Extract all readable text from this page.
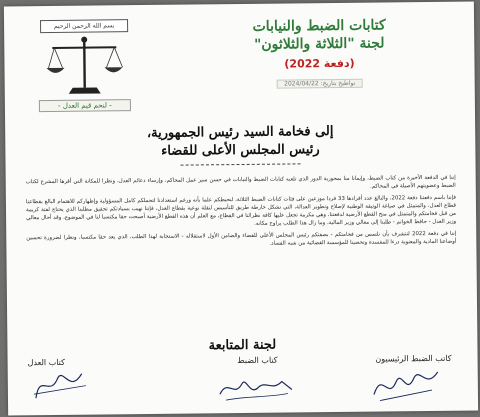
بسم الله الرحمن الرحيم
- لنحم قيم العدل -
كتابات الضبط والنيابات
لجنة "الثلاثة والثلاثون"
(دفعة 2022)
تواطيخ بتاريخ: 2024/04/22
إلى فخامة السيد رئيس الجمهورية،
رئيس المجلس الأعلى للقضاء

إننا في الدفعة الأخيرة من كتاب الضبط، وإيمانا منا بمحورية الدور الذي تلعبه كتابات الضبط والنيابات في حسن سير عمل المحاكم، وإرساء دعائم العدل، ونظرا للمكانة التي أقرها المشرع لكتاب الضبط وعضويتهم الأصيلة في المحاكم.

فإننا باسم دفعتنا دفعة 2022، والبالغ عدد أفرادها 33 فردا موزعين على فئات كتابات الضبط الثلاثة، لنحيطكم علما بأنه ورغم استعدادنا لتحملكم كامل المسؤولية وإظهاركم للاهتمام البالغ بقطاعنا قطاع العدل، والمتمثل في صياغة الوثيقة الوطنية لإصلاح وتطوير العدالة، التي تشكل خارطة طريق للتأسيس لنقلة نوعية بقطاع العدل، فإننا نهيب بسيادتكم تحقيق مطلبنا الذي يحتاج لفتة كريمة من قبل فخامتكم والمتمثل في منح القطع الأرضية لدفعتنا، وهي مكرمة تجعل عليها كافة نظرائنا في القطاع، مع العلم أن هذه القطع الأرضية أصبحت حقا مكتسبا لنا في الموضوع، وقد أحال معالي وزير العدل - حافظ الخواتم - طلبنا إلى معالي وزير المالية، وما زال هذا الطلب يراوح مكانه.

إننا في دفعة 2022 لنتشرف بأن نلتمس من فخامتكم - بصفتكم رئيس المجلس الأعلى للقضاء والضامن الأول لاستقلاله - الاستجابة لهذا الطلب، الذي يعد حقا مكتسبا، ونظرا لضرورة تحسين أوضاعنا المادية والمعنوية درءا للمفسدة وتحصينا للمؤسسة القضائية من شبه الفساد.

لجنة المتابعة
كاتب الضبط الرئيسيون
كتاب الضبط
كتاب العدل
